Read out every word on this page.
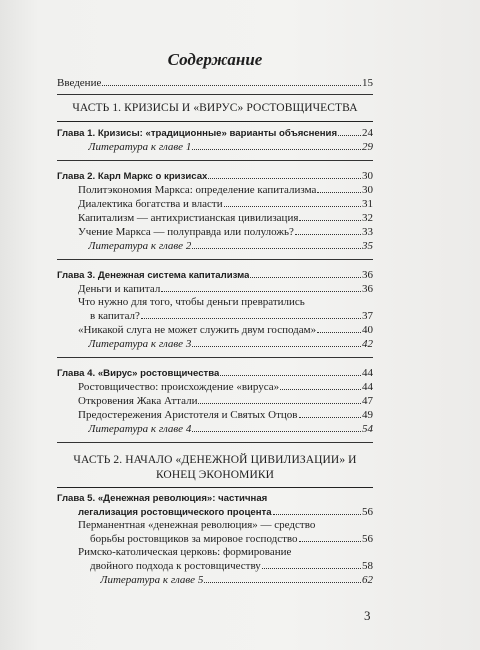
Содержание
Введение	15
ЧАСТЬ 1. КРИЗИСЫ И «ВИРУС» РОСТОВЩИЧЕСТВА
Глава 1. Кризисы: «традиционные» варианты объяснения 24
Литература к главе 1	29
Глава 2. Карл Маркс о кризисах	30
Политэкономия Маркса: определение капитализма	30
Диалектика богатства и власти	31
Капитализм — антихристианская цивилизация	32
Учение Маркса — полуправда или полуложь?	33
Литература к главе 2	35
Глава 3. Денежная система капитализма	36
Деньги и капитал	36
Что нужно для того, чтобы деньги превратились
в капитал?	37
«Никакой слуга не может служить двум господам»	40
Литература к главе 3	42
Глава 4. «Вирус» ростовщичества	44
Ростовщичество: происхождение «вируса»	44
Откровения Жака Аттали	47
Предостережения Аристотеля и Святых Отцов	49
Литература к главе 4	54
ЧАСТЬ 2. НАЧАЛО «ДЕНЕЖНОЙ ЦИВИЛИЗАЦИИ» И
КОНЕЦ ЭКОНОМИКИ
Глава 5. «Денежная революция»: частичная
легализация ростовщического процента	56
Перманентная «денежная революция» — средство
борьбы ростовщиков за мировое господство	56
Римско-католическая церковь: формирование
двойного подхода к ростовщичеству	58
Литература к главе 5	62
3
